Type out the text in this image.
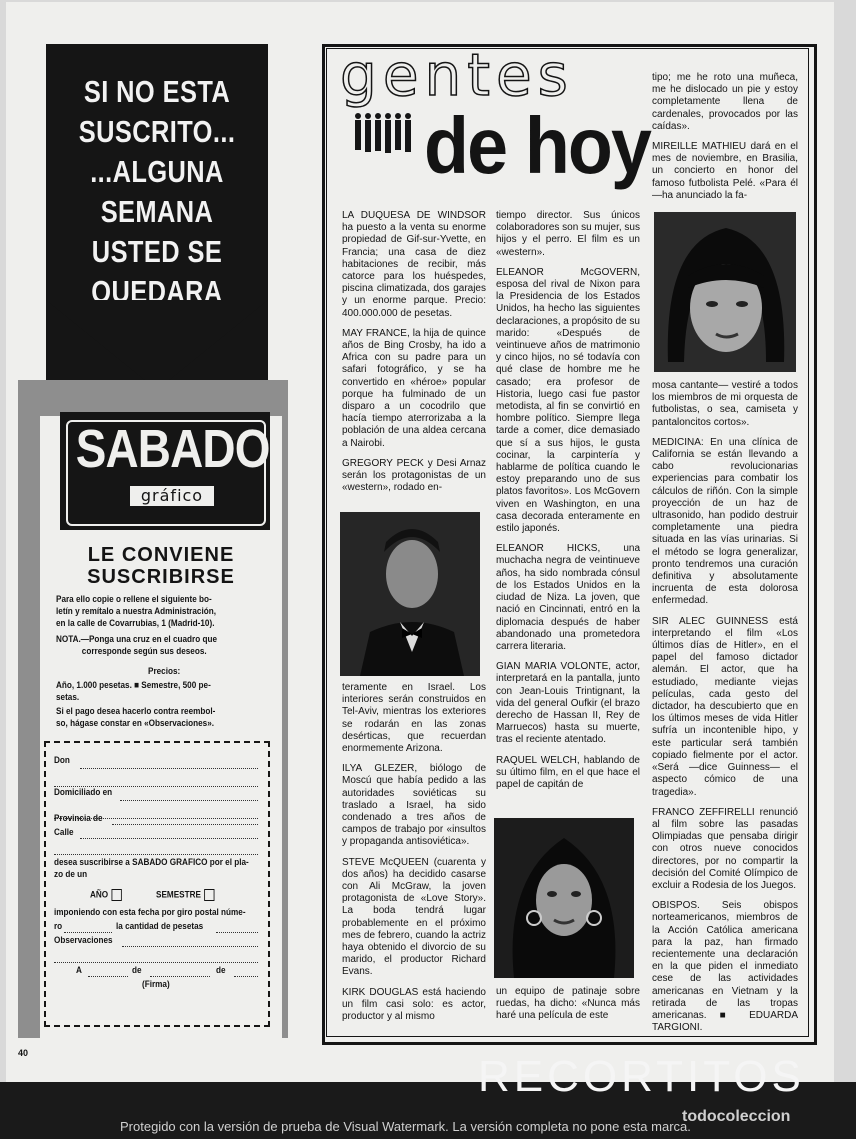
SI NO ESTA
SUSCRITO...
...ALGUNA
SEMANA
USTED SE
QUEDARA SIN...
SABADO
gráfico
LE CONVIENE
SUSCRIBIRSE
Para ello copie o rellene el siguiente bo-
letín y remítalo a nuestra Administración,
en la calle de Covarrubias, 1 (Madrid-10).
NOTA.—Ponga una cruz en el cuadro que
corresponde según sus deseos.
Precios:
Año, 1.000 pesetas. ■ Semestre, 500 pe-
setas.
Si el pago desea hacerlo contra reembol-
so, hágase constar en «Observaciones».
Don
Domiciliado en
Provincia de
Calle
desea suscribirse a SABADO GRAFICO por el pla-
zo de un
AÑO	SEMESTRE
imponiendo con esta fecha por giro postal núme-
ro	la cantidad de pesetas
Observaciones
A	de	de
(Firma)
40
gentes
de hoy

LA DUQUESA DE WINDSOR ha puesto a la venta su enorme propiedad de Gif-sur-Yvette, en Francia; una casa de diez habitaciones de recibir, más catorce para los huéspedes, piscina climatizada, dos garajes y un enorme parque. Precio: 400.000.000 de pesetas.

MAY FRANCE, la hija de quince años de Bing Crosby, ha ido a Africa con su padre para un safari fotográfico, y se ha convertido en «héroe» popular porque ha fulminado de un disparo a un cocodrilo que hacía tiempo aterrorizaba a la población de una aldea cercana a Nairobi.

GREGORY PECK y Desi Arnaz serán los protagonistas de un «western», rodado en-

teramente en Israel. Los interiores serán construidos en Tel-Aviv, mientras los exteriores se rodarán en las zonas desérticas, que recuerdan enormemente Arizona.

ILYA GLEZER, biólogo de Moscú que había pedido a las autoridades soviéticas su traslado a Israel, ha sido condenado a tres años de campos de trabajo por «insultos y propaganda antisoviética».

STEVE McQUEEN (cuarenta y dos años) ha decidido casarse con Ali McGraw, la joven protagonista de «Love Story». La boda tendrá lugar probablemente en el próximo mes de febrero, cuando la actriz haya obtenido el divorcio de su marido, el productor Richard Evans.

KIRK DOUGLAS está haciendo un film casi solo: es actor, productor y al mismo

tiempo director. Sus únicos colaboradores son su mujer, sus hijos y el perro. El film es un «western».

ELEANOR McGOVERN, esposa del rival de Nixon para la Presidencia de los Estados Unidos, ha hecho las siguientes declaraciones, a propósito de su marido: «Después de veintinueve años de matrimonio y cinco hijos, no sé todavía con qué clase de hombre me he casado; era profesor de Historia, luego casi fue pastor metodista, al fin se convirtió en hombre político. Siempre llega tarde a comer, dice demasiado que sí a sus hijos, le gusta cocinar, la carpintería y hablarme de política cuando le estoy preparando uno de sus platos favoritos». Los McGovern viven en Washington, en una casa decorada enteramente en estilo japonés.

ELEANOR HICKS, una muchacha negra de veintinueve años, ha sido nombrada cónsul de los Estados Unidos en la ciudad de Niza. La joven, que nació en Cincinnati, entró en la diplomacia después de haber abandonado una prometedora carrera literaria.

GIAN MARIA VOLONTE, actor, interpretará en la pantalla, junto con Jean-Louis Trintignant, la vida del general Oufkir (el brazo derecho de Hassan II, Rey de Marruecos) hasta su muerte, tras el reciente atentado.

RAQUEL WELCH, hablando de su último film, en el que hace el papel de capitán de

un equipo de patinaje sobre ruedas, ha dicho: «Nunca más haré una película de este

tipo; me he roto una muñeca, me he dislocado un pie y estoy completamente llena de cardenales, provocados por las caídas».

MIREILLE MATHIEU dará en el mes de noviembre, en Brasilia, un concierto en honor del famoso futbolista Pelé. «Para él —ha anunciado la fa-

mosa cantante— vestiré a todos los miembros de mi orquesta de futbolistas, o sea, camiseta y pantaloncitos cortos».

MEDICINA: En una clínica de California se están llevando a cabo revolucionarias experiencias para combatir los cálculos de riñón. Con la simple proyección de un haz de ultrasonido, han podido destruir completamente una piedra situada en las vías urinarias. Si el método se logra generalizar, pronto tendremos una curación definitiva y absolutamente incruenta de esta dolorosa enfermedad.

SIR ALEC GUINNESS está interpretando el film «Los últimos días de Hitler», en el papel del famoso dictador alemán. El actor, que ha estudiado, mediante viejas películas, cada gesto del dictador, ha descubierto que en los últimos meses de vida Hitler sufría un incontenible hipo, y este particular será también copiado fielmente por el actor. «Será —dice Guinness— el aspecto cómico de una tragedia».

FRANCO ZEFFIRELLI renunció al film sobre las pasadas Olimpiadas que pensaba dirigir con otros nueve conocidos directores, por no compartir la decisión del Comité Olímpico de excluir a Rodesia de los Juegos.

OBISPOS. Seis obispos norteamericanos, miembros de la Acción Católica americana para la paz, han firmado recientemente una declaración en la que piden el inmediato cese de las actividades americanas en Vietnam y la retirada de las tropas americanas. ■ EDUARDA TARGIONI.

RECORTITOS
Protegido con la versión de prueba de Visual Watermark. La versión completa no pone esta marca.
todocoleccion
